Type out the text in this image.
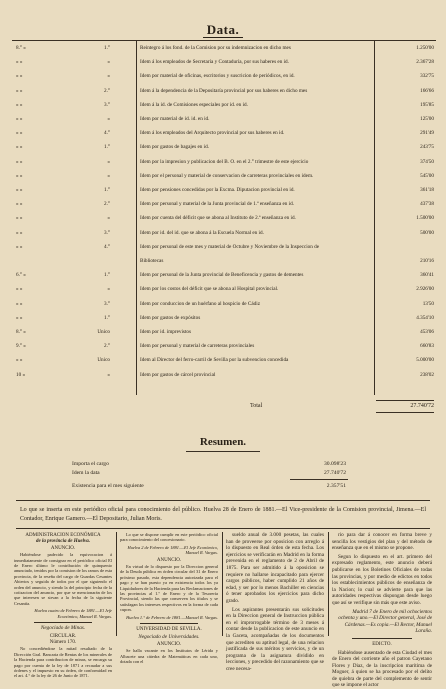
Data.
8.° »	1.°	Reintegro á los fond. de la Comision por su indemnizacion en dicho mes	1.250'00
» »	»	Idem á los empleados de Secretaría y Contaduría, por sus haberes en id.	2.367'28
» »	»	Idem por material de oficinas, escritorios y suscricion de periódicos, en id.	332'75
» »	2.°	Idem á la dependencia de la Depositaría provincial por sus haberes en dicho mes	166'66
» »	3.°	Idem á la id. de Comisiones especiales por id. en id.	195'85
» »	»	Idem por material de id. id. en id.	125'00
» »	4.°	Idem á los empleados del Arquitecto provincial por sus haberes en id.	291'49
» »	1.°	Idem por gastos de bagajes en id.	243'75
» »	»	Idem por la impresion y publicacion del B. O. en el 2.° trimestre de este ejercicio	374'50
» »	»	Idem por el personal y material de conservacion de carreteras provinciales en idem.	545'00
» »	1.°	Idem por pensiones concedidas por la Excma. Diputacion provincial en id.	361'18
» »	2.°	Idem por personal y material de la Junta provincial de 1.ª enseñanza en id.	437'38
» »	»	Idem por cuenta del déficit que se abona al Instituto de 2.ª enseñanza en id.	1.500'00
» »	3.°	Idem por id. del id. que se abona á la Escuela Normal en id.	500'00
» »	4.°	Idem por personal de este mes y material de Octubre y Noviembre de la Inspeccion de
Bibliotecas	210'16
6.° »	1.°	Idem por personal de la Junta provincial de Beneficencia y gastos de dementes	360'41
» »	»	Idem por los costos del déficit que se abona al Hospital provincial.	2.926'00
» »	3.°	Idem por conduccion de un huérfano al hospicio de Cádiz	13'50
» »	1.°	Idem por gastos de expósitos	4.354'10
8.° »	Unico	Idem por id. imprevistos	453'06
9.° »	2.°	Idem por personal y material de carreteras provinciales	660'83
» »	Unico	Idem al Director del ferro-carril de Sevilla por la subvencion concedida	5.000'00
10 »	»	Idem por gastos de cárcel provincial	238'02
Total	27.740'72
Resumen.
Importa el cargo	30.098'23
Idem la data	27.740'72
Existencia para el mes siguiente	2.357'51
Lo que se inserta en este periódico oficial para conocimiento del público. Huelva 28 de Enero de 1881.—El Vice-presidente de la Comision provincial, Jimena.—El Contador, Enrique Gamero.—El Depositario, Julian Moris.
ADMINISTRACION ECONÓMICA
de la provincia de Huelva.
ANUNCIO.

Habiéndose padecido la equivocacion á inmediatamente de consignar en el periódico oficial El de Enero último le contribución de quinquenio anunciado, tenidos por la comision de los ramos de esta provincia, de la reseña del cargo de Guardas Cesantes Abiertos y seguida de todos por el que siguiendo el orden del anuncio, y siendo la del principio fecha de la cotizacion del anuncio, por que se mencionarán de los que interesen se sirvan a la fecha de la siguiente Cesantía.

Huelva cuatro de Febrero de 1881.—El Jefe Económico, Manuel R. Vargas.

Negociado de Minas.
CIRCULAR.
Número 170.

No concediéndose la mitad resultado de la Dirección Gral. Bancaria de Rentas de los minerales de la Hacienda para contribucion de minas, se encarga su pago por cuenta de la ley de 1871 a recaudar a sus órdenes y el impuesto en su órden, de conformidad en el art. 4.° de la ley de 26 de Junio de 1871.

Lo que se dispone cumplir en este periódico oficial para conocimiento del concesionario.

Huelva 2 de Febrero de 1881.—El Jefe Económico, Manuel R. Vargas.

ANUNCIO.

En virtud de lo dispuesto por la Direccion general de la Deuda pública en órden circular del 31 de Enero próximo pasado, esta dependencia autorizada para el pago y se han puesto ya en existencia todos los ya Liquidadores de la Hacienda para las Reclamaciones de las provincias al 1.º de Enero y de la Tesorería Provincial, siendo las que conserven los títulos y se satisfagan los intereses respectivos en la forma de cada cupon.

Huelva 1.° de Febrero de 1881.—Manuel R. Vargas.

UNIVERSIDAD DE SEVILLA.
Negociado de Universidades.
ANUNCIO.

Se halla vacante en los Institutos de Lérida y Albacete una cátedra de Matemáticas en cada uno, dotada con el

sueldo anual de 3.000 pesetas, las cuales han de proveerse por oposicion con arreglo á lo dispuesto en Real órden de esta fecha. Los ejercicios se verificarán en Madrid en la forma prevenida en el reglamento de 2 de Abril de 1875. Para ser admitido á la oposicion se requiere no hallarse incapacitado para ejercer cargos públicos, haber cumplido 21 años de edad, y ser por lo menos Bachiller en ciencias ó tener aprobados los ejercicios para dicho grado.

Los aspirantes presentarán sus solicitudes en la Direccion general de Instruccion pública en el improrrogable término de 3 meses á contar desde la publicacion de este anuncio en la Gaceta, acompañadas de los documentos que acrediten su aptitud legal, de una relacion justificada de sus méritos y servicios, y de un programa de la asignatura dividido en lecciones, y precedido del razonamiento que se cree necesa-

rio para dar á conocer en forma breve y sencilla los vestigios del plan y del método de enseñanza que en el mismo se propone.

Segun lo dispuesto en el art. primero del expresado reglamento, este anuncio deberá publicarse en los Boletines Oficiales de todas las provincias, y por medio de edictos en todos los establecimientos públicos de enseñanza de la Nacion; lo cual se advierte para que las autoridades respectivas dispongan desde luego que así se verifique sin más que este aviso.

Madrid 7 de Enero de mil ochocientos ochenta y uno.—El Director general, José de Cárdenas.—Es copia.—El Rector, Manuel Laraña.

EDICTO.

Habiéndose ausentado de esta Ciudad el mes de Enero del corriente año el patron Cayetano Flores y Diaz, de la inscripcion marítima de Moguer, á quien se ha procesado por el delito de quiebra de parte del complemento de sentir que se impone el actor
